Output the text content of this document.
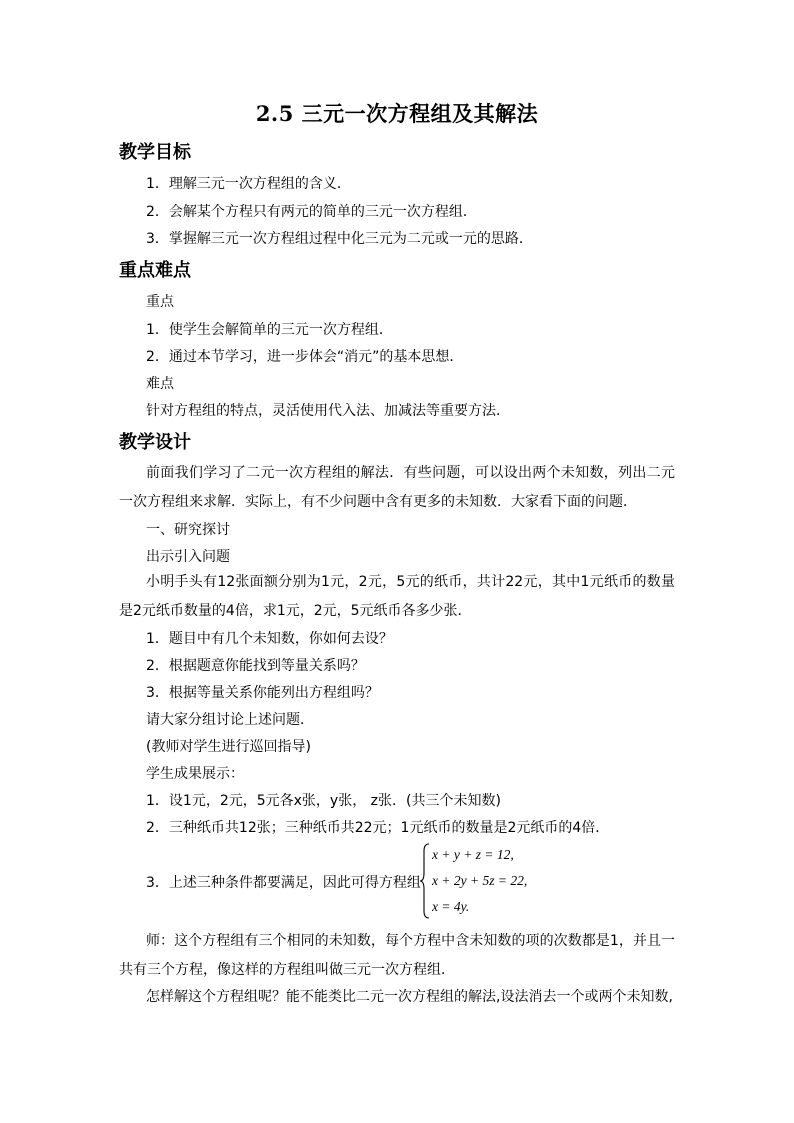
2.5 三元一次方程组及其解法
教学目标
1．理解三元一次方程组的含义．
2．会解某个方程只有两元的简单的三元一次方程组．
3．掌握解三元一次方程组过程中化三元为二元或一元的思路．
重点难点
重点
1．使学生会解简单的三元一次方程组．
2．通过本节学习，进一步体会“消元”的基本思想．
难点
针对方程组的特点，灵活使用代入法、加减法等重要方法．
教学设计
前面我们学习了二元一次方程组的解法．有些问题，可以设出两个未知数，列出二元一次方程组来求解．实际上，有不少问题中含有更多的未知数．大家看下面的问题．
一、研究探讨
出示引入问题
小明手头有12张面额分别为1元，2元，5元的纸币，共计22元，其中1元纸币的数量是2元纸币数量的4倍，求1元，2元，5元纸币各多少张．
1．题目中有几个未知数，你如何去设？
2．根据题意你能找到等量关系吗？
3．根据等量关系你能列出方程组吗？
请大家分组讨论上述问题．
(教师对学生进行巡回指导)
学生成果展示：
1．设1元，2元，5元各x张，y张， z张．(共三个未知数)
2．三种纸币共12张；三种纸币共22元；1元纸币的数量是2元纸币的4倍．
3．上述三种条件都要满足，因此可得方程组
x + y + z = 12,
x + 2y + 5z = 22,
x = 4y.
师：这个方程组有三个相同的未知数，每个方程中含未知数的项的次数都是1，并且一共有三个方程，像这样的方程组叫做三元一次方程组．
怎样解这个方程组呢？能不能类比二元一次方程组的解法,设法消去一个或两个未知数,
